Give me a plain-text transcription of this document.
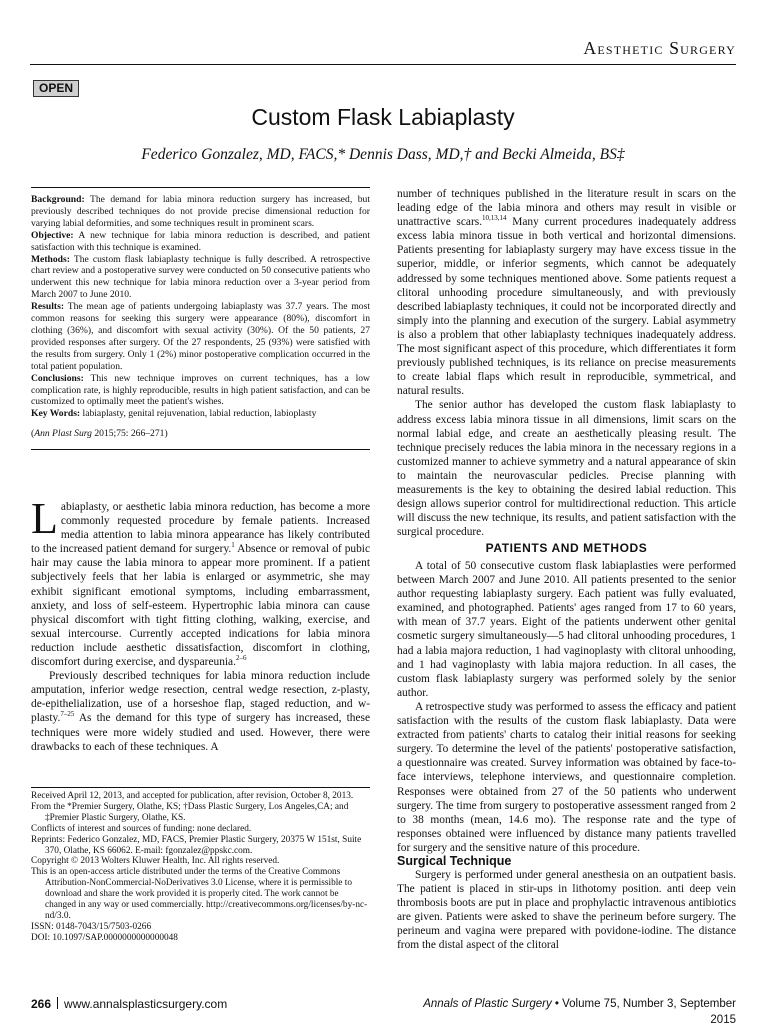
Aesthetic Surgery
OPEN
Custom Flask Labiaplasty
Federico Gonzalez, MD, FACS,* Dennis Dass, MD,† and Becki Almeida, BS‡

Background: The demand for labia minora reduction surgery has increased, but previously described techniques do not provide precise dimensional reduction for varying labial deformities, and some techniques result in prominent scars.

Objective: A new technique for labia minora reduction is described, and patient satisfaction with this technique is examined.

Methods: The custom flask labiaplasty technique is fully described. A retrospective chart review and a postoperative survey were conducted on 50 consecutive patients who underwent this new technique for labia minora reduction over a 3-year period from March 2007 to June 2010.

Results: The mean age of patients undergoing labiaplasty was 37.7 years. The most common reasons for seeking this surgery were appearance (80%), discomfort in clothing (36%), and discomfort with sexual activity (30%). Of the 50 patients, 27 provided responses after surgery. Of the 27 respondents, 25 (93%) were satisfied with the results from surgery. Only 1 (2%) minor postoperative complication occurred in the total patient population.

Conclusions: This new technique improves on current techniques, has a low complication rate, is highly reproducible, results in high patient satisfaction, and can be customized to optimally meet the patient's wishes.

Key Words: labiaplasty, genital rejuvenation, labial reduction, labioplasty
(Ann Plast Surg 2015;75: 266–271)

Labiaplasty, or aesthetic labia minora reduction, has become a more commonly requested procedure by female patients. Increased media attention to labia minora appearance has likely contributed to the increased patient demand for surgery.$^1$ Absence or removal of pubic hair may cause the labia minora to appear more prominent. If a patient subjectively feels that her labia is enlarged or asymmetric, she may exhibit significant emotional symptoms, including embarrassment, anxiety, and loss of self-esteem. Hypertrophic labia minora can cause physical discomfort with tight fitting clothing, walking, exercise, and sexual intercourse. Currently accepted indications for labia minora reduction include aesthetic dissatisfaction, discomfort in clothing, discomfort during exercise, and dyspareunia.$^{2-6}$

Previously described techniques for labia minora reduction include amputation, inferior wedge resection, central wedge resection, z-plasty, de-epithelialization, use of a horseshoe flap, staged reduction, and w-plasty.$^{7-25}$ As the demand for this type of surgery has increased, these techniques were more widely studied and used. However, there were drawbacks to each of these techniques. A

Received April 12, 2013, and accepted for publication, after revision, October 8, 2013.

From the *Premier Surgery, Olathe, KS; †Dass Plastic Surgery, Los Angeles,CA; and ‡Premier Plastic Surgery, Olathe, KS.

Conflicts of interest and sources of funding: none declared.

Reprints: Federico Gonzalez, MD, FACS, Premier Plastic Surgery, 20375 W 151st, Suite 370, Olathe, KS 66062. E-mail: fgonzalez@ppskc.com.

Copyright © 2013 Wolters Kluwer Health, Inc. All rights reserved.

This is an open-access article distributed under the terms of the Creative Commons Attribution-NonCommercial-NoDerivatives 3.0 License, where it is permissible to download and share the work provided it is properly cited. The work cannot be changed in any way or used commercially. http://creativecommons.org/licenses/by-nc-nd/3.0.

ISSN: 0148-7043/15/7503-0266

DOI: 10.1097/SAP.0000000000000048

number of techniques published in the literature result in scars on the leading edge of the labia minora and others may result in visible or unattractive scars.$^{10,13,14}$ Many current procedures inadequately address excess labia minora tissue in both vertical and horizontal dimensions. Patients presenting for labiaplasty surgery may have excess tissue in the superior, middle, or inferior segments, which cannot be adequately addressed by some techniques mentioned above. Some patients request a clitoral unhooding procedure simultaneously, and with previously described labiaplasty techniques, it could not be incorporated directly and simply into the planning and execution of the surgery. Labial asymmetry is also a problem that other labiaplasty techniques inadequately address. The most significant aspect of this procedure, which differentiates it form previously published techniques, is its reliance on precise measurements to create labial flaps which result in reproducible, symmetrical, and natural results.

The senior author has developed the custom flask labiaplasty to address excess labia minora tissue in all dimensions, limit scars on the normal labial edge, and create an aesthetically pleasing result. The technique precisely reduces the labia minora in the necessary regions in a customized manner to achieve symmetry and a natural appearance of skin to maintain the neurovascular pedicles. Precise planning with measurements is the key to obtaining the desired labial reduction. This design allows superior control for multidirectional reduction. This article will discuss the new technique, its results, and patient satisfaction with the surgical procedure.

PATIENTS AND METHODS

A total of 50 consecutive custom flask labiaplasties were performed between March 2007 and June 2010. All patients presented to the senior author requesting labiaplasty surgery. Each patient was fully evaluated, examined, and photographed. Patients' ages ranged from 17 to 60 years, with mean of 37.7 years. Eight of the patients underwent other genital cosmetic surgery simultaneously—5 had clitoral unhooding procedures, 1 had a labia majora reduction, 1 had vaginoplasty with clitoral unhooding, and 1 had vaginoplasty with labia majora reduction. In all cases, the custom flask labiaplasty surgery was performed solely by the senior author.

A retrospective study was performed to assess the efficacy and patient satisfaction with the results of the custom flask labiaplasty. Data were extracted from patients' charts to catalog their initial reasons for seeking surgery. To determine the level of the patients' postoperative satisfaction, a questionnaire was created. Survey information was obtained by face-to-face interviews, telephone interviews, and questionnaire completion. Responses were obtained from 27 of the 50 patients who underwent surgery. The time from surgery to postoperative assessment ranged from 2 to 38 months (mean, 14.6 mo). The response rate and the type of responses obtained were influenced by distance many patients travelled for surgery and the sensitive nature of this procedure.

Surgical Technique

Surgery is performed under general anesthesia on an outpatient basis. The patient is placed in stir-ups in lithotomy position. anti deep vein thrombosis boots are put in place and prophylactic intravenous antibiotics are given. Patients were asked to shave the perineum before surgery. The perineum and vagina were prepared with povidone-iodine. The distance from the distal aspect of the clitoral

266 www.annalsplasticsurgery.com	Annals of Plastic Surgery • Volume 75, Number 3, September 2015
